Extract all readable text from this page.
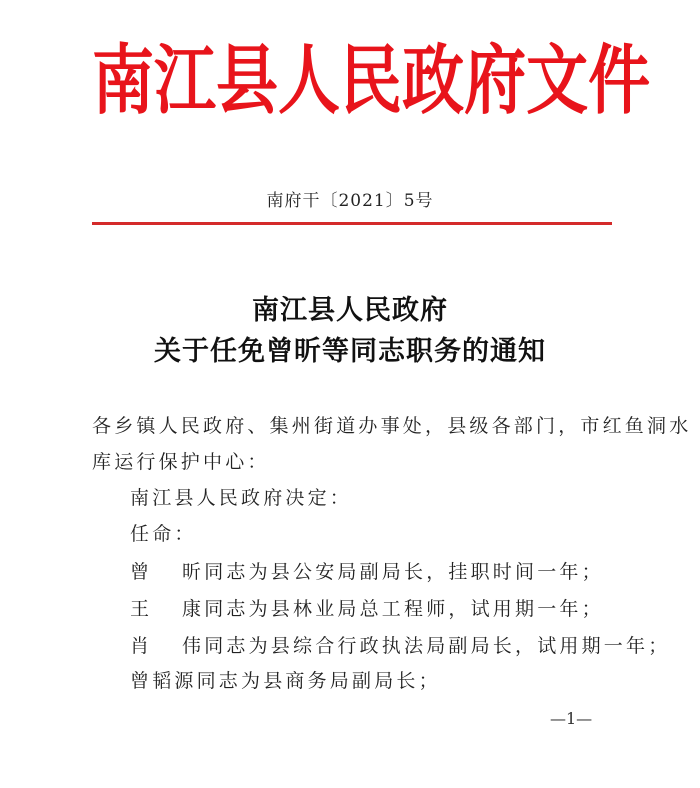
南 江 县 人 民 政 府 文 件
南府干〔2021〕5号
南江县人民政府
关于任免曾昕等同志职务的通知
各乡镇人民政府、集州街道办事处，县级各部门，市红鱼洞水
库运行保护中心：
南江县人民政府决定：
任命：
曾 昕同志为县公安局副局长，挂职时间一年；
王 康同志为县林业局总工程师，试用期一年；
肖 伟同志为县综合行政执法局副局长，试用期一年；
曾韬源同志为县商务局副局长；
—1—
